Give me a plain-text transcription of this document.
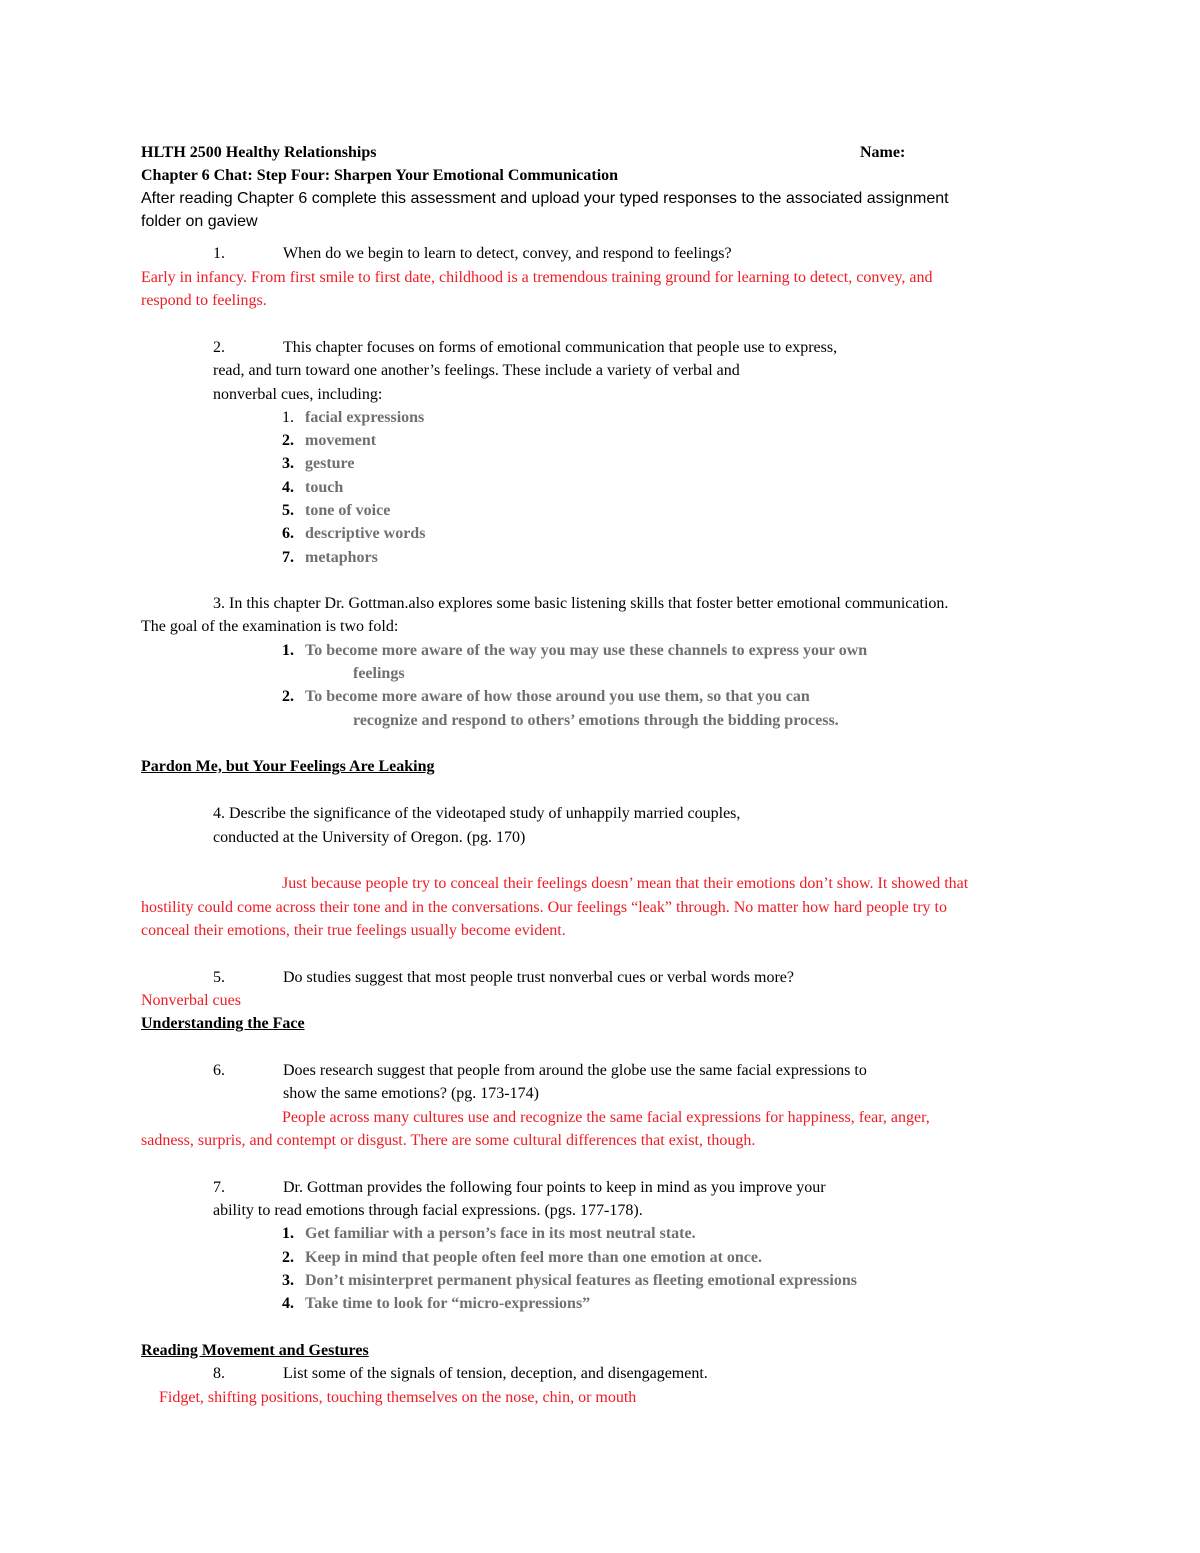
HLTH 2500 Healthy Relationships	Name:
Chapter 6 Chat: Step Four: Sharpen Your Emotional Communication
After reading Chapter 6 complete this assessment and upload your typed responses to the associated assignment
folder on gaview
1.	When do we begin to learn to detect, convey, and respond to feelings?
Early in infancy. From first smile to first date, childhood is a tremendous training ground for learning to detect, convey, and
respond to feelings.
2.	This chapter focuses on forms of emotional communication that people use to express,
read, and turn toward one another’s feelings. These include a variety of verbal and
nonverbal cues, including:
1. facial expressions
2. movement
3. gesture
4. touch
5. tone of voice
6. descriptive words
7. metaphors
3. In this chapter Dr. Gottman.also explores some basic listening skills that foster better emotional communication.
The goal of the examination is two fold:
1. To become more aware of the way you may use these channels to express your own
feelings
2. To become more aware of how those around you use them, so that you can
recognize and respond to others’ emotions through the bidding process.
Pardon Me, but Your Feelings Are Leaking
4. Describe the significance of the videotaped study of unhappily married couples,
conducted at the University of Oregon. (pg. 170)
Just because people try to conceal their feelings doesn’ mean that their emotions don’t show. It showed that
hostility could come across their tone and in the conversations. Our feelings “leak” through. No matter how hard people try to
conceal their emotions, their true feelings usually become evident.
5.	Do studies suggest that most people trust nonverbal cues or verbal words more?
Nonverbal cues
Understanding the Face
6.	Does research suggest that people from around the globe use the same facial expressions to
show the same emotions? (pg. 173-174)
People across many cultures use and recognize the same facial expressions for happiness, fear, anger,
sadness, surpris, and contempt or disgust. There are some cultural differences that exist, though.
7.	Dr. Gottman provides the following four points to keep in mind as you improve your
ability to read emotions through facial expressions. (pgs. 177-178).
1. Get familiar with a person’s face in its most neutral state.
2. Keep in mind that people often feel more than one emotion at once.
3. Don’t misinterpret permanent physical features as fleeting emotional expressions
4. Take time to look for “micro-expressions”
Reading Movement and Gestures
8.	List some of the signals of tension, deception, and disengagement.
Fidget, shifting positions, touching themselves on the nose, chin, or mouth
